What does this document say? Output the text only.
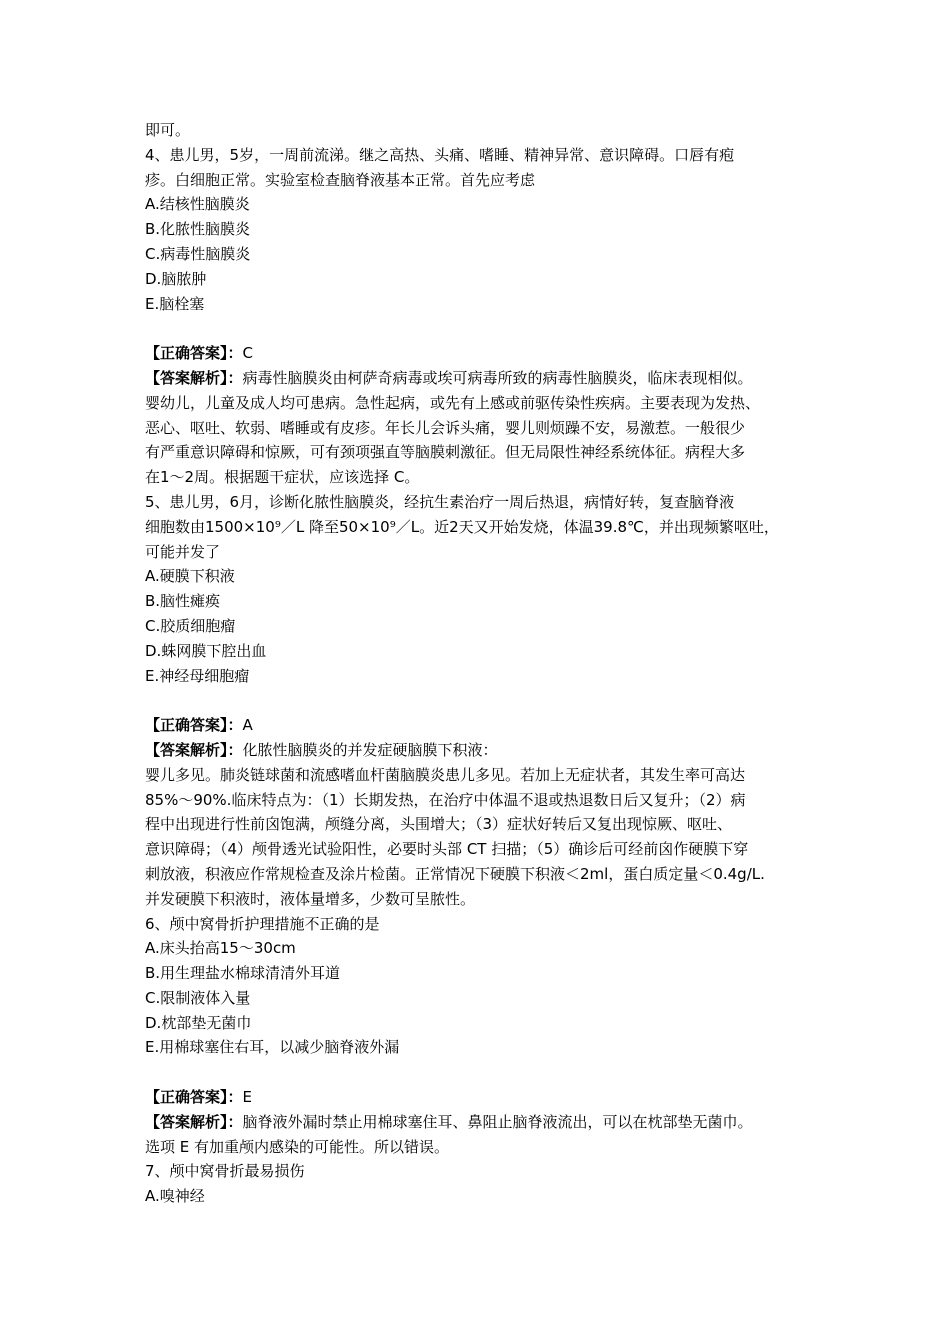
即可。
4、患儿男，5岁，一周前流涕。继之高热、头痛、嗜睡、精神异常、意识障碍。口唇有疱
疹。白细胞正常。实验室检查脑脊液基本正常。首先应考虑
A.结核性脑膜炎
B.化脓性脑膜炎
C.病毒性脑膜炎
D.脑脓肿
E.脑栓塞
【正确答案】：C
【答案解析】：病毒性脑膜炎由柯萨奇病毒或埃可病毒所致的病毒性脑膜炎，临床表现相似。
婴幼儿，儿童及成人均可患病。急性起病，或先有上感或前驱传染性疾病。主要表现为发热、
恶心、呕吐、软弱、嗜睡或有皮疹。年长儿会诉头痛，婴儿则烦躁不安，易激惹。一般很少
有严重意识障碍和惊厥，可有颈项强直等脑膜刺激征。但无局限性神经系统体征。病程大多
在1～2周。根据题干症状，应该选择 C。
5、患儿男，6月，诊断化脓性脑膜炎，经抗生素治疗一周后热退，病情好转，复查脑脊液
细胞数由1500×10⁹／L 降至50×10⁹／L。近2天又开始发烧，体温39.8℃，并出现频繁呕吐，
可能并发了
A.硬膜下积液
B.脑性瘫痪
C.胶质细胞瘤
D.蛛网膜下腔出血
E.神经母细胞瘤
【正确答案】：A
【答案解析】：化脓性脑膜炎的并发症硬脑膜下积液：
婴儿多见。肺炎链球菌和流感嗜血杆菌脑膜炎患儿多见。若加上无症状者，其发生率可高达
85%～90%.临床特点为：（1）长期发热，在治疗中体温不退或热退数日后又复升；（2）病
程中出现进行性前囟饱满，颅缝分离，头围增大；（3）症状好转后又复出现惊厥、呕吐、
意识障碍；（4）颅骨透光试验阳性，必要时头部 CT 扫描；（5）确诊后可经前囟作硬膜下穿
刺放液，积液应作常规检查及涂片检菌。正常情况下硬膜下积液＜2ml，蛋白质定量＜0.4g/L.
并发硬膜下积液时，液体量增多，少数可呈脓性。
6、颅中窝骨折护理措施不正确的是
A.床头抬高15～30cm
B.用生理盐水棉球清清外耳道
C.限制液体入量
D.枕部垫无菌巾
E.用棉球塞住右耳，以减少脑脊液外漏
【正确答案】：E
【答案解析】：脑脊液外漏时禁止用棉球塞住耳、鼻阻止脑脊液流出，可以在枕部垫无菌巾。
选项 E 有加重颅内感染的可能性。所以错误。
7、颅中窝骨折最易损伤
A.嗅神经
